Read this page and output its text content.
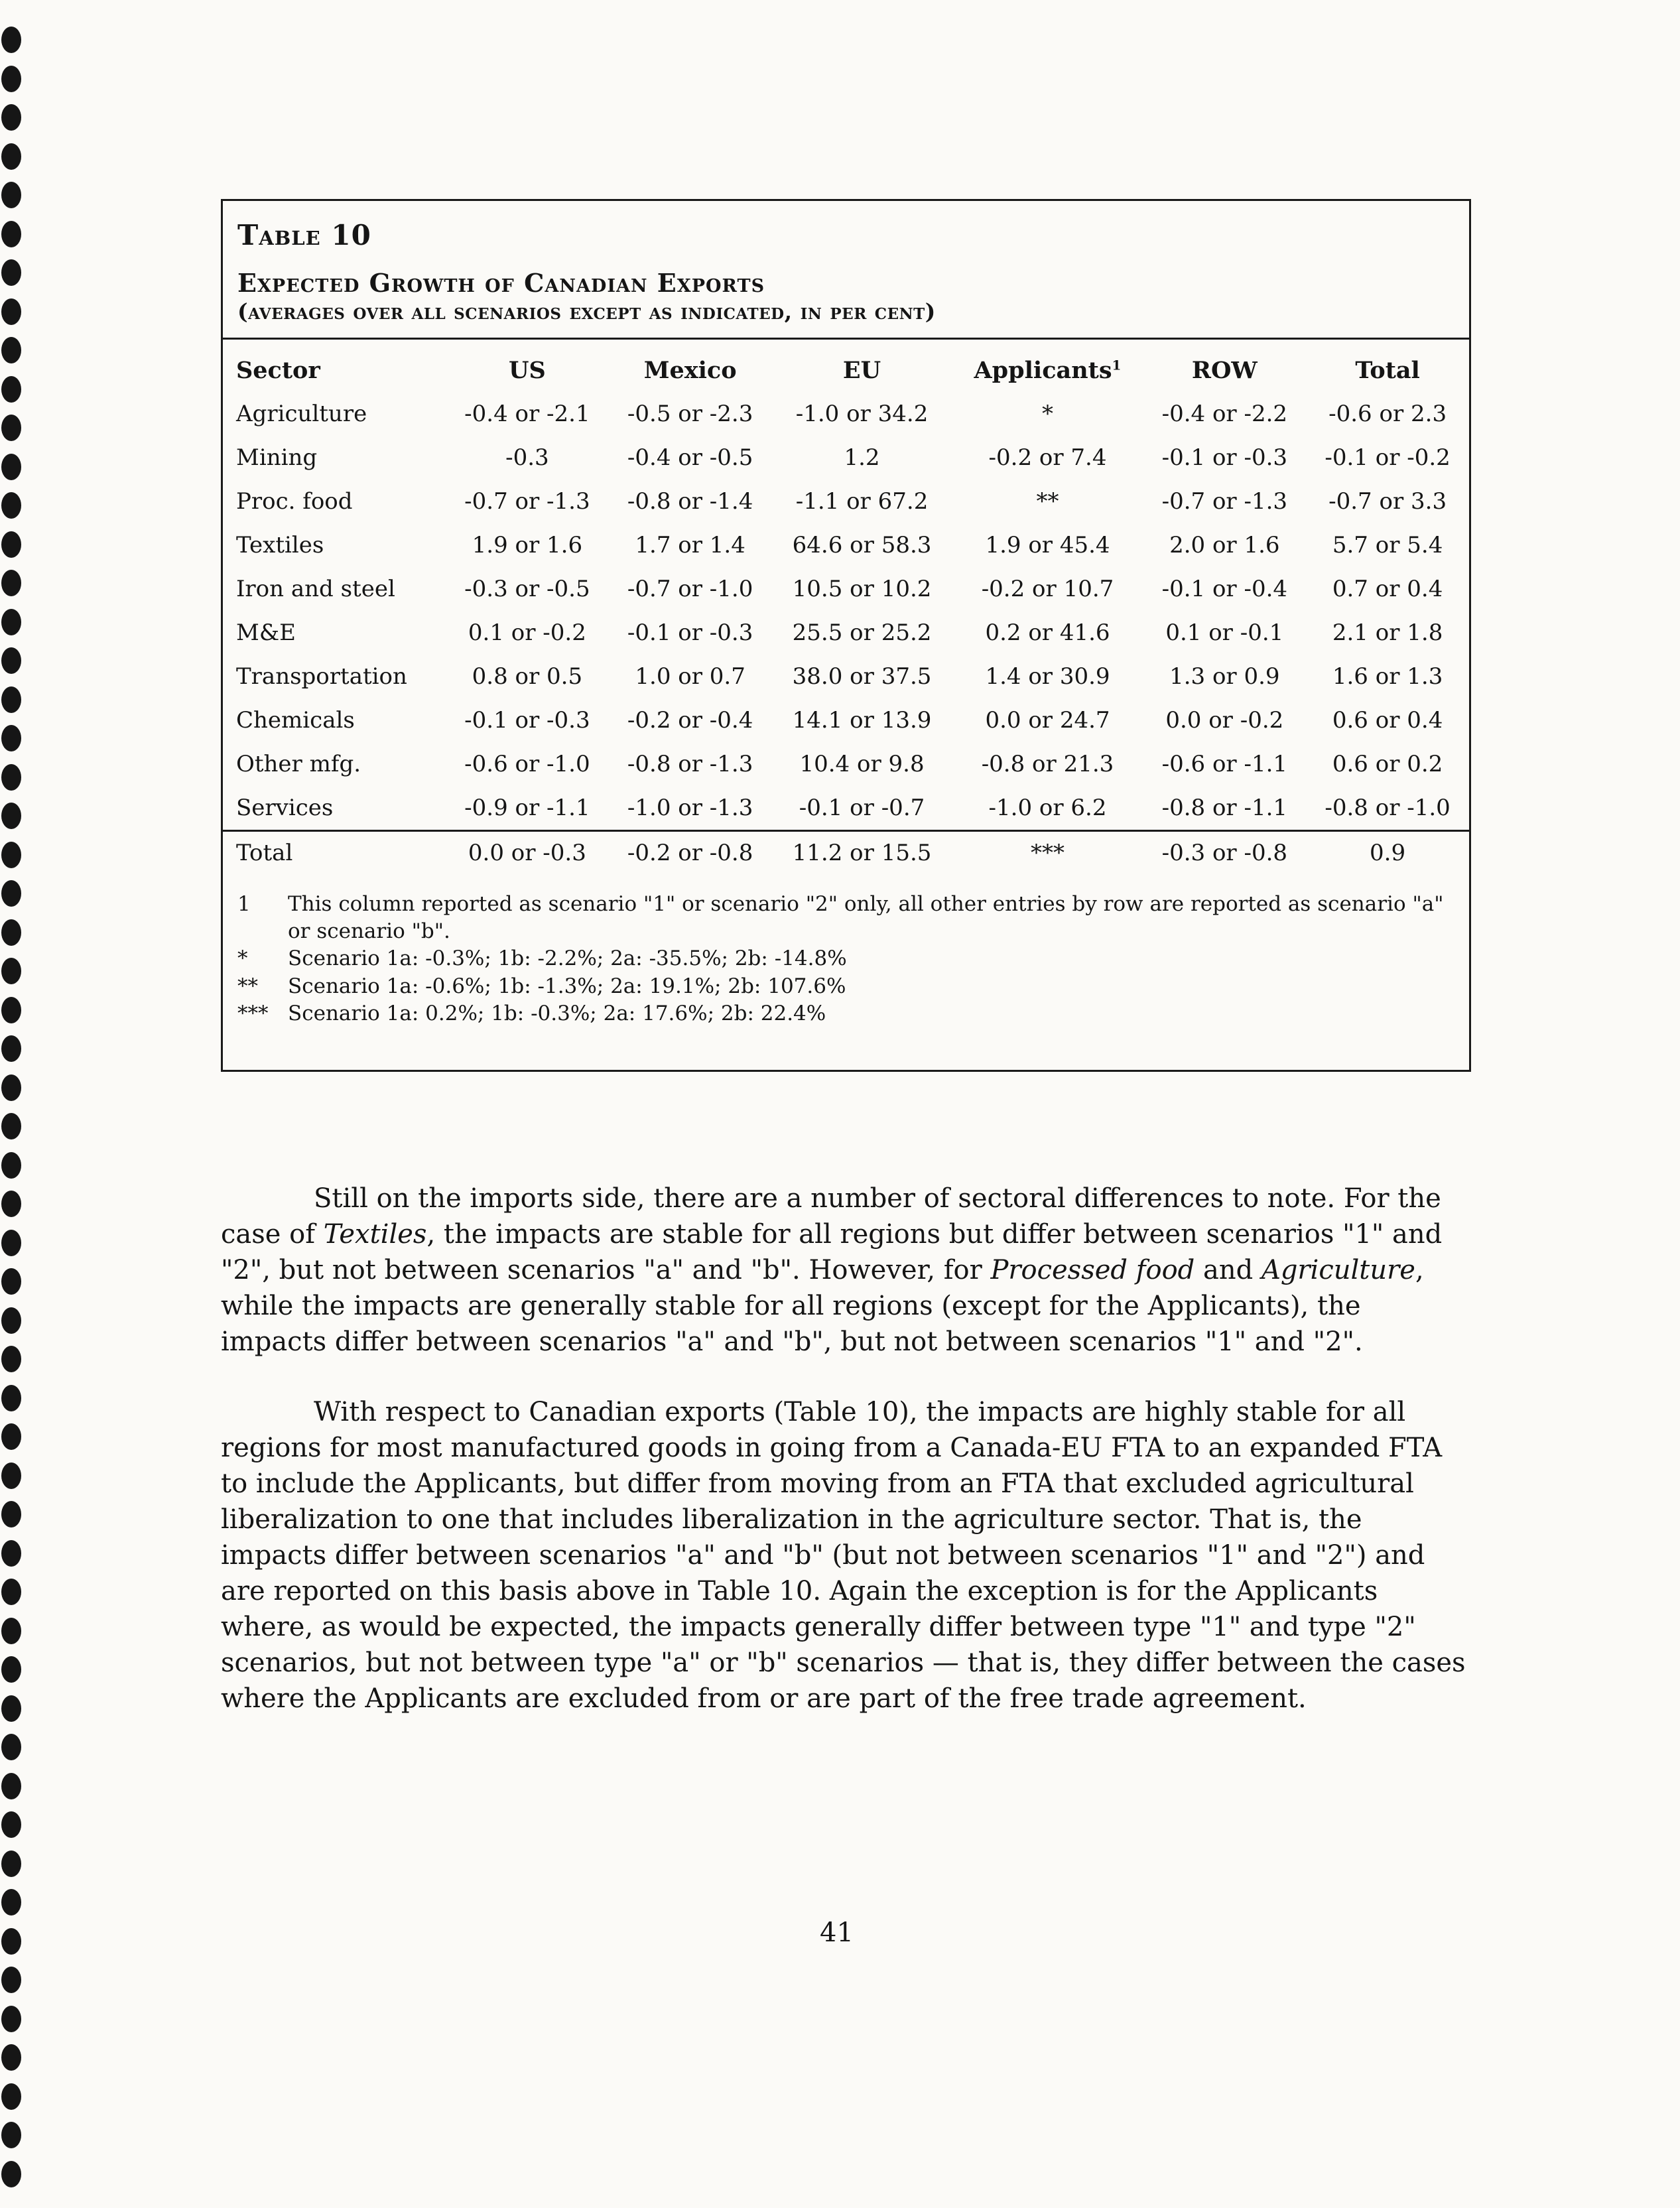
Table 10
Expected Growth of Canadian Exports
(averages over all scenarios except as indicated, in per cent)
Sector	US	Mexico	EU	Applicants$^1$	ROW	Total
Agriculture	-0.4 or -2.1	-0.5 or -2.3	-1.0 or 34.2	*	-0.4 or -2.2	-0.6 or 2.3
Mining	-0.3	-0.4 or -0.5	1.2	-0.2 or 7.4	-0.1 or -0.3	-0.1 or -0.2
Proc. food	-0.7 or -1.3	-0.8 or -1.4	-1.1 or 67.2	**	-0.7 or -1.3	-0.7 or 3.3
Textiles	1.9 or 1.6	1.7 or 1.4	64.6 or 58.3	1.9 or 45.4	2.0 or 1.6	5.7 or 5.4
Iron and steel	-0.3 or -0.5	-0.7 or -1.0	10.5 or 10.2	-0.2 or 10.7	-0.1 or -0.4	0.7 or 0.4
M&E	0.1 or -0.2	-0.1 or -0.3	25.5 or 25.2	0.2 or 41.6	0.1 or -0.1	2.1 or 1.8
Transportation	0.8 or 0.5	1.0 or 0.7	38.0 or 37.5	1.4 or 30.9	1.3 or 0.9	1.6 or 1.3
Chemicals	-0.1 or -0.3	-0.2 or -0.4	14.1 or 13.9	0.0 or 24.7	0.0 or -0.2	0.6 or 0.4
Other mfg.	-0.6 or -1.0	-0.8 or -1.3	10.4 or 9.8	-0.8 or 21.3	-0.6 or -1.1	0.6 or 0.2
Services	-0.9 or -1.1	-1.0 or -1.3	-0.1 or -0.7	-1.0 or 6.2	-0.8 or -1.1	-0.8 or -1.0
Total	0.0 or -0.3	-0.2 or -0.8	11.2 or 15.5	***	-0.3 or -0.8	0.9
1	This column reported as scenario "1" or scenario "2" only, all other entries by row are reported as scenario "a" or scenario "b".
*	Scenario 1a: -0.3%; 1b: -2.2%; 2a: -35.5%; 2b: -14.8%
**	Scenario 1a: -0.6%; 1b: -1.3%; 2a: 19.1%; 2b: 107.6%
*** Scenario 1a: 0.2%; 1b: -0.3%; 2a: 17.6%; 2b: 22.4%

Still on the imports side, there are a number of sectoral differences to note. For the case of Textiles, the impacts are stable for all regions but differ between scenarios "1" and "2", but not between scenarios "a" and "b". However, for Processed food and Agriculture, while the impacts are generally stable for all regions (except for the Applicants), the impacts differ between scenarios "a" and "b", but not between scenarios "1" and "2".

With respect to Canadian exports (Table 10), the impacts are highly stable for all regions for most manufactured goods in going from a Canada-EU FTA to an expanded FTA to include the Applicants, but differ from moving from an FTA that excluded agricultural liberalization to one that includes liberalization in the agriculture sector. That is, the impacts differ between scenarios "a" and "b" (but not between scenarios "1" and "2") and are reported on this basis above in Table 10. Again the exception is for the Applicants where, as would be expected, the impacts generally differ between type "1" and type "2" scenarios, but not between type "a" or "b" scenarios — that is, they differ between the cases where the Applicants are excluded from or are part of the free trade agreement.

41
